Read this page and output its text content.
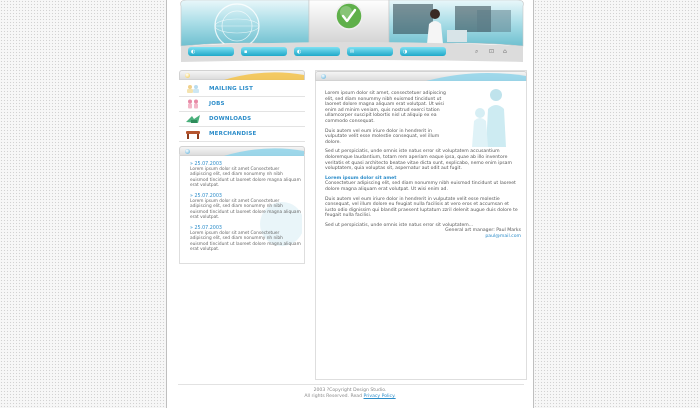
◐	▪	◐	✉	◑	⌕ ⊡ ⌂
MAILING LIST
JOBS
DOWNLOADS
MERCHANDISE
» 25.07.2003
Lorem ipsum dolor sit amet Consectetuer adipiscing elit, sed diam nonummy nh nibh euismod tincidunt ut laoreet dolore magna aliquam erat volutpat.
» 25.07.2003
Lorem ipsum dolor sit amet Consectetuer adipiscing elit, sed diam nonummy nh nibh euismod tincidunt ut laoreet dolore magna aliquam erat volutpat.
» 25.07.2003
Lorem ipsum dolor sit amet Consectetuer adipiscing elit, sed diam nonummy nh nibh euismod tincidunt ut laoreet dolore magna aliquam erat volutpat.

Lorem ipsum dolor sit amet, consectetuer adipiscing elit, sed diam nonummy nibh euismod tincidunt ut laoreet dolore magna aliquam erat volutpat. Ut wisi enim ad minim veniam, quis nostrud exerci tation ullamcorper suscipit lobortis nisl ut aliquip ex ea commodo consequat.

Duis autem vel eum iriure dolor in hendrerit in vulputate velit esse molestie consequat, vel illum dolore.

Sed ut perspiciatis, unde omnis iste natus error sit voluptatem accusantium doloremque laudantium, totam rem aperiam eaque ipsa, quae ab illo inventore veritatis et quasi architecto beatae vitae dicta sunt, explicabo, nemo enim ipsam voluptatem, quia voluptas sit, aspernatur aut odit aut fugit.

Lorem ipsum dolor sit amet

Consectetuer adipiscing elit, sed diam nonummy nibh euismod tincidunt ut laoreet dolore magna aliquam erat volutpat. Ut wisi enim ad.

Duis autem vel eum iriure dolor in hendrerit in vulputate velit esse molestie consequat, vel illum dolore eu feugiat nulla facilisis at vero eros et accumsan et iusto odio dignissim qui blandit praesent luptatum zzril delenit augue duis dolore te feugait nulla facilisi.

Sed ut perspiciatis, unde omnis iste natus error sit voluptatem...

General art manager: Paul Marks
paul@mail.com
2003 ?Copyright Design Studio.
All rights Reserved. Read Privacy Policy.
